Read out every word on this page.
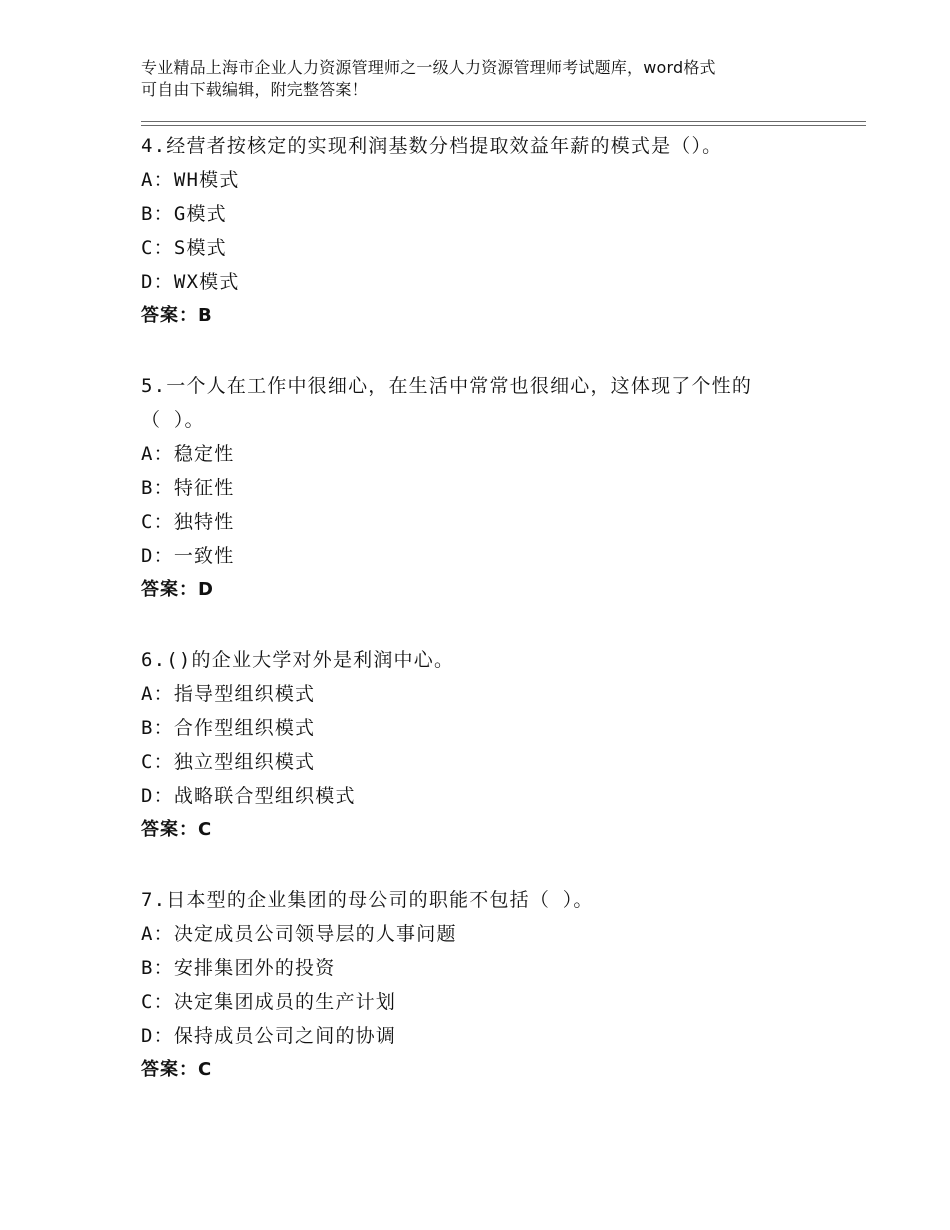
专业精品上海市企业人力资源管理师之一级人力资源管理师考试题库，word格式
可自由下载编辑，附完整答案！
4.经营者按核定的实现利润基数分档提取效益年薪的模式是（）。
A：WH模式
B：G模式
C：S模式
D：WX模式
答案：B
5.一个人在工作中很细心，在生活中常常也很细心，这体现了个性的
（ ）。
A：稳定性
B：特征性
C：独特性
D：一致性
答案：D
6.()的企业大学对外是利润中心。
A：指导型组织模式
B：合作型组织模式
C：独立型组织模式
D：战略联合型组织模式
答案：C
7.日本型的企业集团的母公司的职能不包括（ ）。
A：决定成员公司领导层的人事问题
B：安排集团外的投资
C：决定集团成员的生产计划
D：保持成员公司之间的协调
答案：C
